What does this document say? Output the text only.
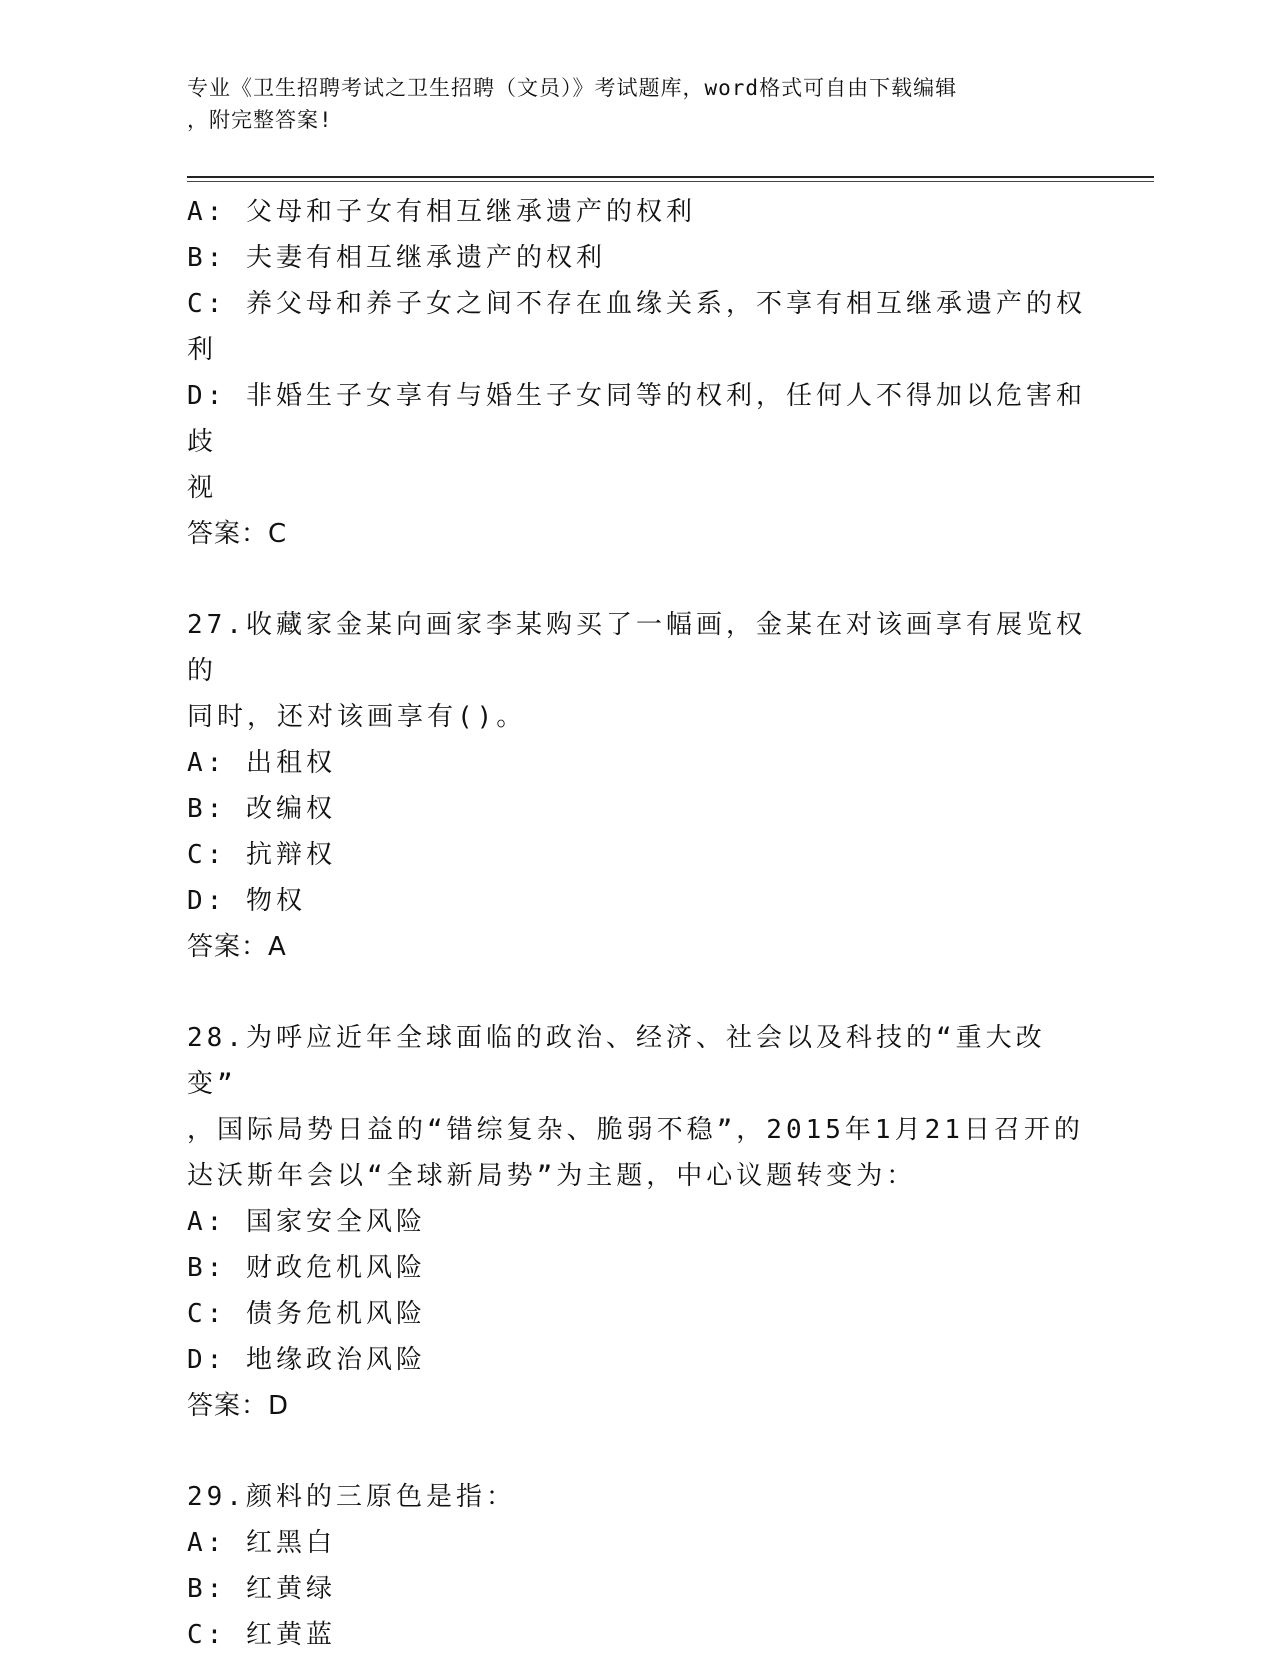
专业《卫生招聘考试之卫生招聘（文员）》考试题库，word格式可自由下载编辑
，附完整答案!
A: 父母和子女有相互继承遗产的权利
B: 夫妻有相互继承遗产的权利
C: 养父母和养子女之间不存在血缘关系，不享有相互继承遗产的权利
D: 非婚生子女享有与婚生子女同等的权利，任何人不得加以危害和歧
视
答案：C
27.收藏家金某向画家李某购买了一幅画，金某在对该画享有展览权的
同时，还对该画享有()。
A: 出租权
B: 改编权
C: 抗辩权
D: 物权
答案：A
28.为呼应近年全球面临的政治、经济、社会以及科技的“重大改变”
，国际局势日益的“错综复杂、脆弱不稳”，2015年1月21日召开的
达沃斯年会以“全球新局势”为主题，中心议题转变为：
A: 国家安全风险
B: 财政危机风险
C: 债务危机风险
D: 地缘政治风险
答案：D
29.颜料的三原色是指：
A: 红黑白
B: 红黄绿
C: 红黄蓝
